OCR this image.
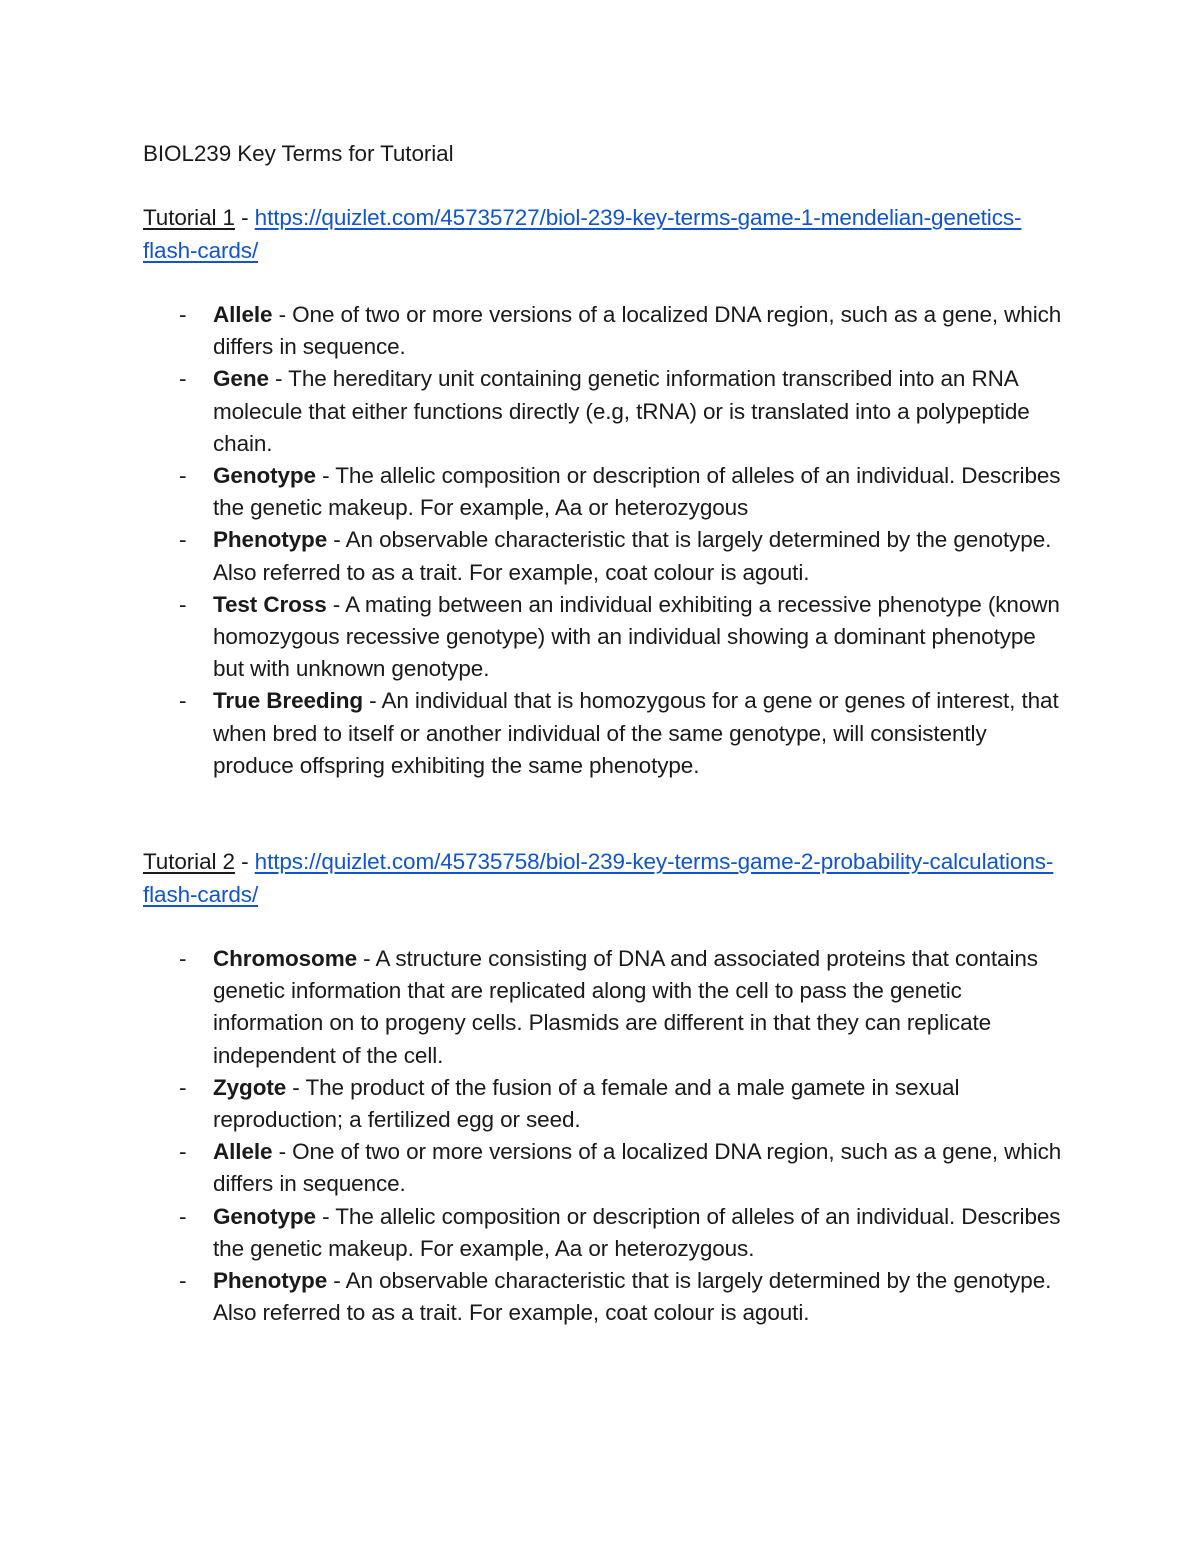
BIOL239 Key Terms for Tutorial

Tutorial 1 - https://quizlet.com/45735727/biol-239-key-terms-game-1-mendelian-genetics-flash-cards/

- Allele - One of two or more versions of a localized DNA region, such as a gene, which differs in sequence.
- Gene - The hereditary unit containing genetic information transcribed into an RNA molecule that either functions directly (e.g, tRNA) or is translated into a polypeptide chain.
- Genotype - The allelic composition or description of alleles of an individual. Describes the genetic makeup. For example, Aa or heterozygous
- Phenotype - An observable characteristic that is largely determined by the genotype. Also referred to as a trait. For example, coat colour is agouti.
- Test Cross - A mating between an individual exhibiting a recessive phenotype (known homozygous recessive genotype) with an individual showing a dominant phenotype but with unknown genotype.
- True Breeding - An individual that is homozygous for a gene or genes of interest, that when bred to itself or another individual of the same genotype, will consistently produce offspring exhibiting the same phenotype.

Tutorial 2 - https://quizlet.com/45735758/biol-239-key-terms-game-2-probability-calculations-flash-cards/

- Chromosome - A structure consisting of DNA and associated proteins that contains genetic information that are replicated along with the cell to pass the genetic information on to progeny cells. Plasmids are different in that they can replicate independent of the cell.
- Zygote - The product of the fusion of a female and a male gamete in sexual reproduction; a fertilized egg or seed.
- Allele - One of two or more versions of a localized DNA region, such as a gene, which differs in sequence.
- Genotype - The allelic composition or description of alleles of an individual. Describes the genetic makeup. For example, Aa or heterozygous.
- Phenotype - An observable characteristic that is largely determined by the genotype. Also referred to as a trait. For example, coat colour is agouti.
